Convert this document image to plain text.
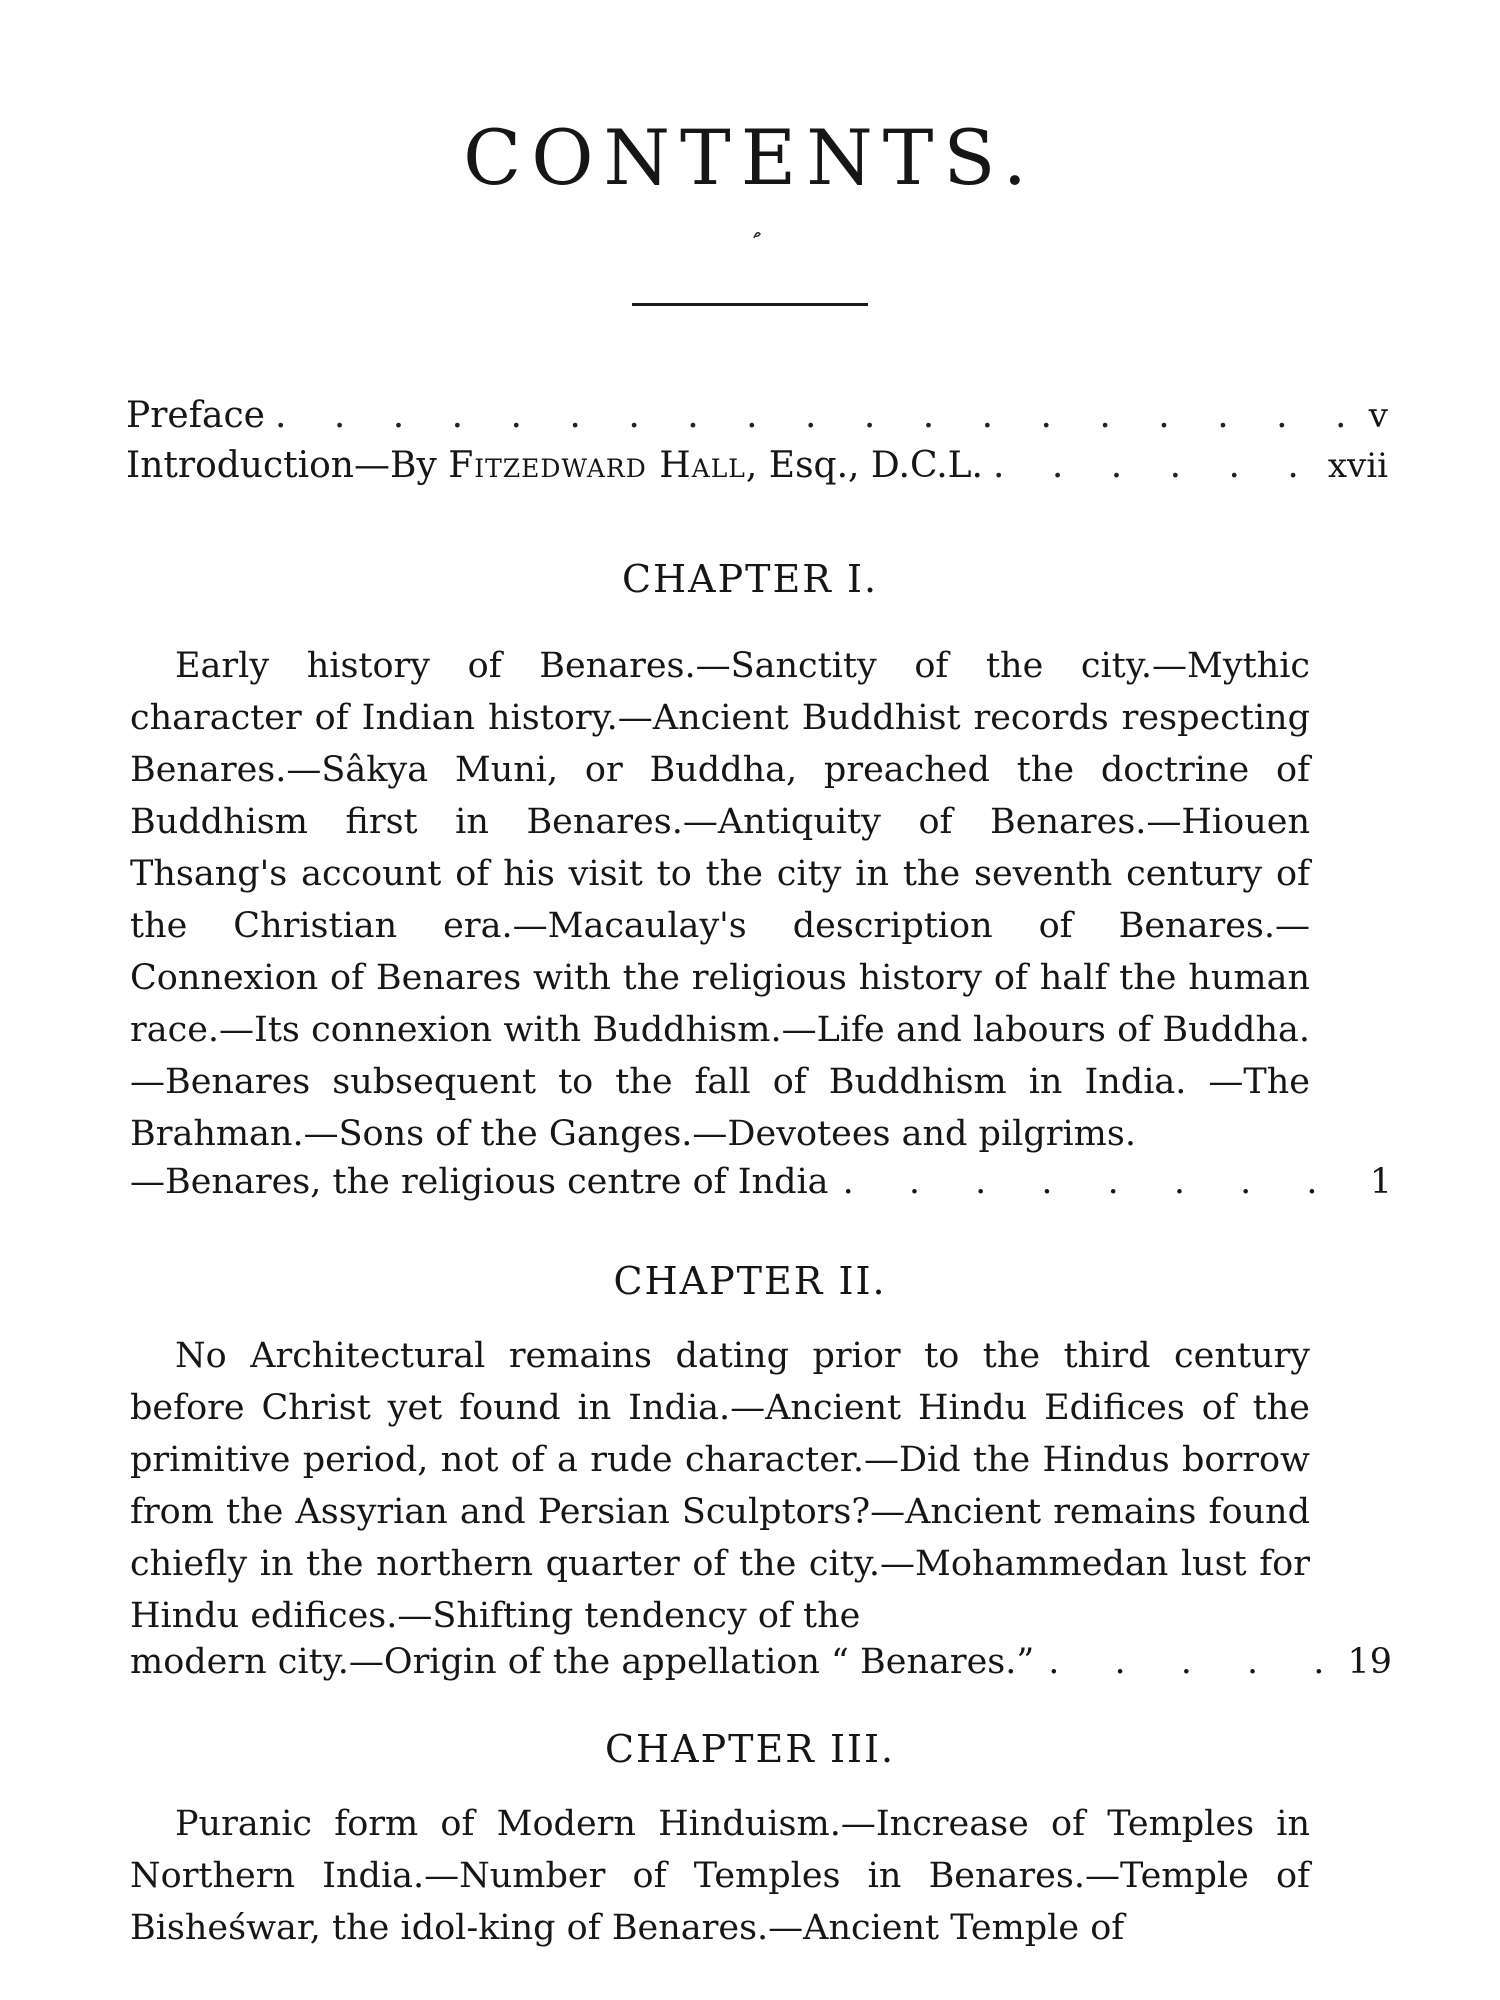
CONTENTS.
Preface . . .	v
Introduction—By Fitzedward Hall, Esq., D.C.L. . . .	xvii
CHAPTER I.

Early history of Benares.—Sanctity of the city.—Mythic character of Indian history.—Ancient Buddhist records respecting Benares.—Sâkya Muni, or Buddha, preached the doctrine of Buddhism first in Benares.—Antiquity of Benares.—Hiouen Thsang's account of his visit to the city in the seventh century of the Christian era.—Macaulay's description of Benares.—Connexion of Benares with the religious history of half the human race.—Its connexion with Buddhism.—Life and labours of Buddha.—Benares subsequent to the fall of Buddhism in India. —The Brahman.—Sons of the Ganges.—Devotees and pilgrims.

—Benares, the religious centre of India . . .	1
CHAPTER II.

No Architectural remains dating prior to the third century before Christ yet found in India.—Ancient Hindu Edifices of the primitive period, not of a rude character.—Did the Hindus borrow from the Assyrian and Persian Sculptors?—Ancient remains found chiefly in the northern quarter of the city.—Mohammedan lust for Hindu edifices.—Shifting tendency of the

modern city.—Origin of the appellation “ Benares.” . . .	19
CHAPTER III.

Puranic form of Modern Hinduism.—Increase of Temples in Northern India.—Number of Temples in Benares.—Temple of Bisheśwar, the idol-king of Benares.—Ancient Temple of
